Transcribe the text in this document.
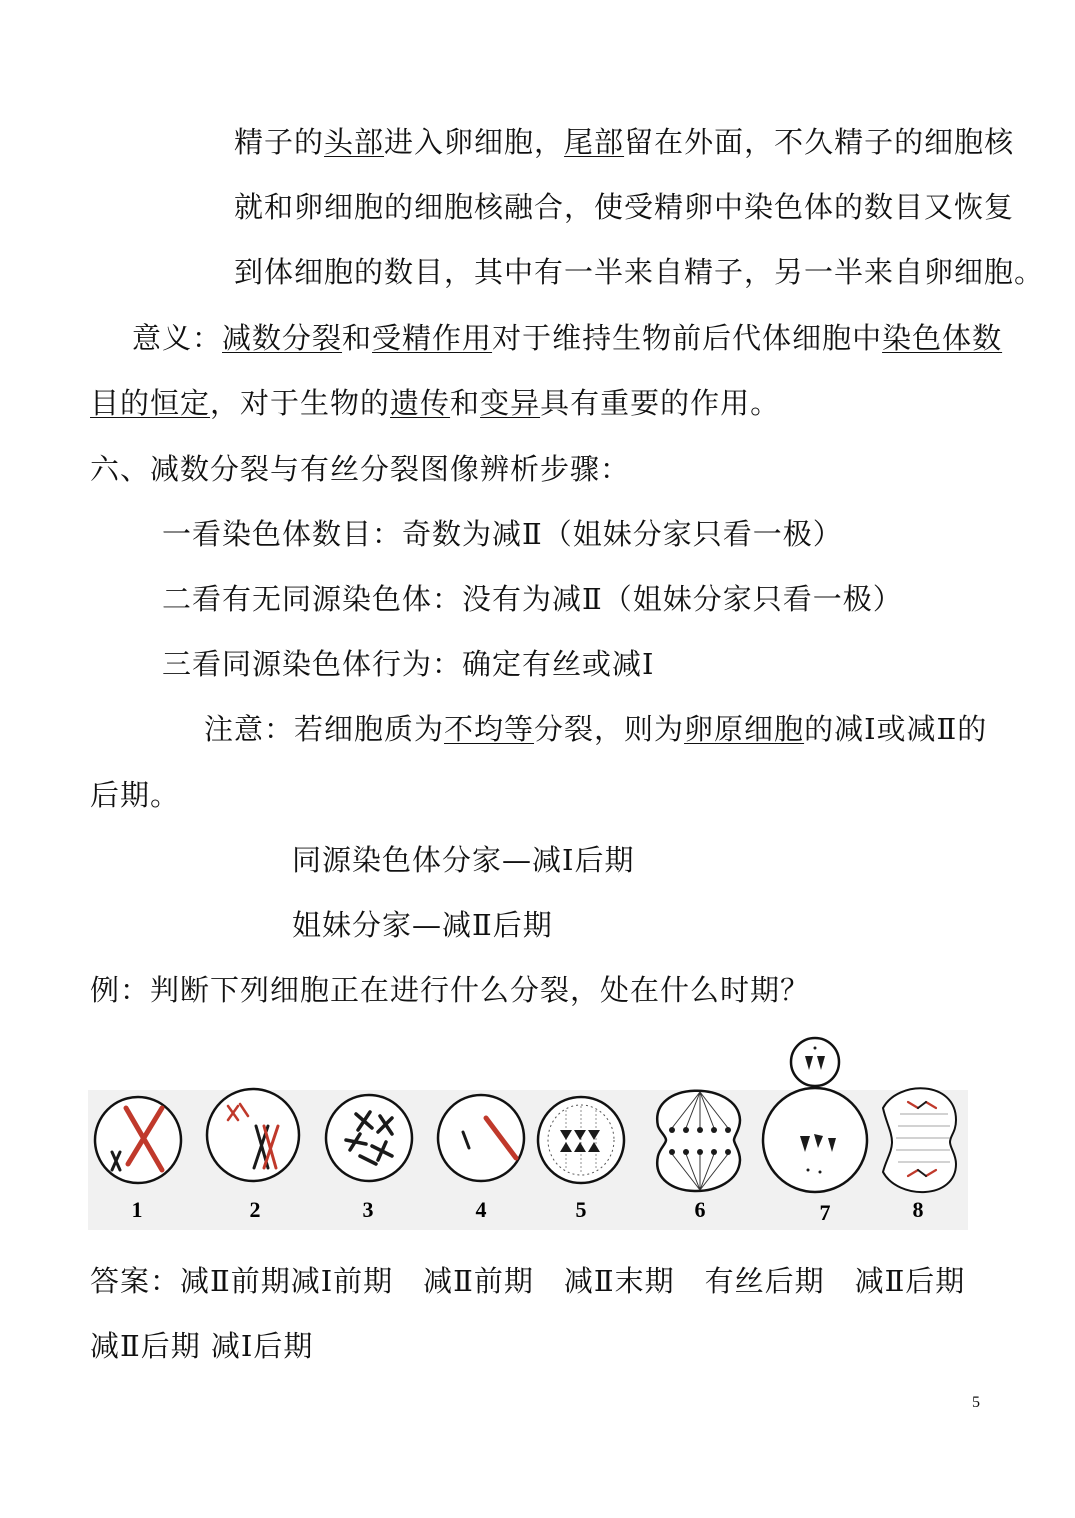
精子的头部进入卵细胞，尾部留在外面，不久精子的细胞核

就和卵细胞的细胞核融合，使受精卵中染色体的数目又恢复

到体细胞的数目，其中有一半来自精子，另一半来自卵细胞。

意义：减数分裂和受精作用对于维持生物前后代体细胞中染色体数

目的恒定，对于生物的遗传和变异具有重要的作用。

六、减数分裂与有丝分裂图像辨析步骤：

一看染色体数目：奇数为减Ⅱ（姐妹分家只看一极）

二看有无同源染色体：没有为减Ⅱ（姐妹分家只看一极）

三看同源染色体行为：确定有丝或减Ⅰ

注意：若细胞质为不均等分裂，则为卵原细胞的减Ⅰ或减Ⅱ的

后期。

同源染色体分家—减Ⅰ后期

姐妹分家—减Ⅱ后期

例：判断下列细胞正在进行什么分裂，处在什么时期？

1	2	3	4	5	6	7	8

答案：减Ⅱ前期减Ⅰ前期　减Ⅱ前期　减Ⅱ末期　有丝后期　减Ⅱ后期

减Ⅱ后期 减Ⅰ后期

5
